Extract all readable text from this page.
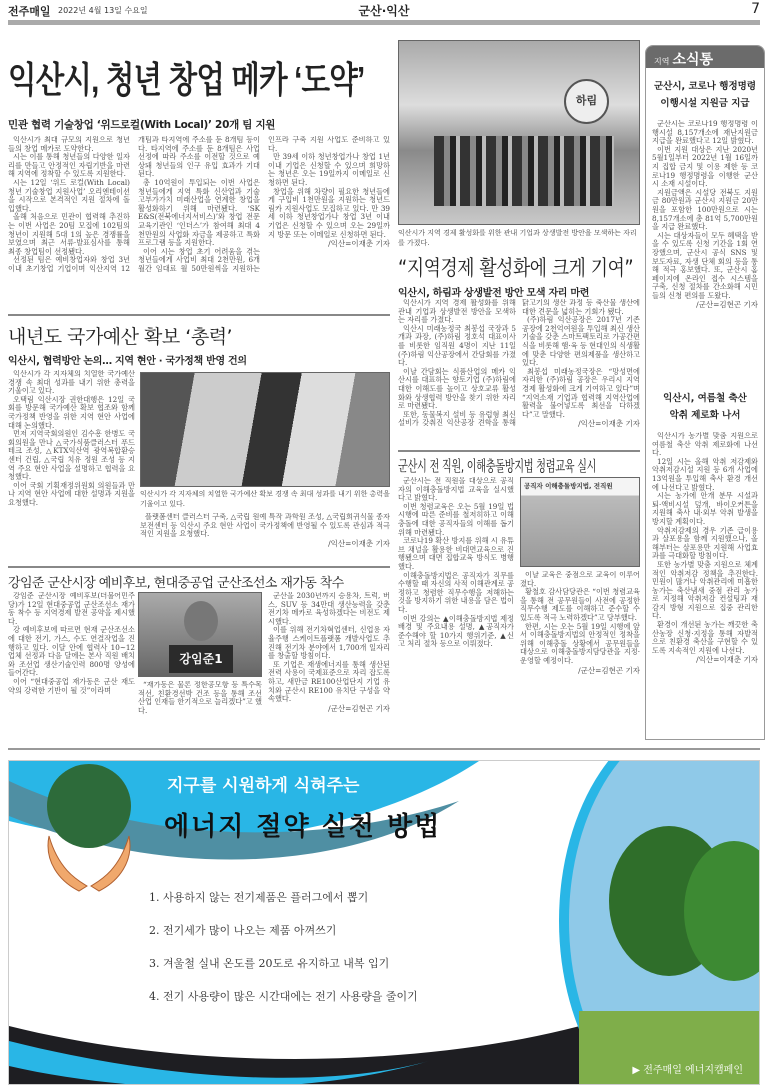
전주매일 2022년 4월 13일 수요일	군산·익산	7
익산시, 청년 창업 메카 ‘도약’
민관 협력 기술창업 ‘위드로컬(With Local)’ 20개 팀 지원

익산시가 최대 규모의 지원으로 청년들의 창업 메카로 도약한다.

시는 이를 통해 청년들의 다양한 일자리를 만들고 안정적인 자립기반을 마련해 지역에 정착할 수 있도록 지원한다.

시는 12일 ‘위드 로컬(With Local) 청년 기술창업 지원사업’ 오리엔테이션을 시작으로 본격적인 지원 절차에 돌입했다.

올해 처음으로 민관이 협력해 추진하는 이번 사업은 20팀 모집에 102팀의 청년이 지원해 5대 1의 높은 경쟁률을 보였으며 최근 서류·발표심사를 통해 최종 창업팀이 선정됐다.

선정된 팀은 예비창업자와 창업 3년 이내 초기창업 기업이며 익산지역 12개팀과 타지역에 주소를 둔 8개팀 등이다. 타지역에 주소를 둔 8개팀은 사업 선정에 따라 주소를 이전할 것으로 예상돼 청년들의 인구 유입 효과가 기대된다.

총 10억원이 투입되는 이번 사업은 청년들에게 지역 특화 신산업과 기술 고부가가치 미래산업을 연계한 창업을 활성화하기 위해 마련됐다. ‘SK E&S(전북에너지서비스)’와 창업 전문 교육기관인 ‘인더스’가 참여해 최대 4천만원의 사업화 자금을 제공하고 특화 프로그램 등을 지원한다.

이어 시는 창업 초기 어려움을 겪는 청년들에게 사업비 최대 2천만원, 6개월간 임대료 월 50만원씩을 지원하는 인프라 구축 지원 사업도 준비하고 있다.

만 39세 이하 청년창업가나 창업 1년 이내 기업은 신청할 수 있으며 희망하는 청년은 오는 19일까지 이메일로 신청하면 된다.

창업을 위해 차량이 필요한 청년들에게 구입비 1천만원을 지원하는 청년드림카 지원사업도 모집하고 있다. 만 39세 이하 청년창업가나 창업 3년 이내 기업은 신청할 수 있으며 오는 29일까지 방문 또는 이메일로 신청하면 된다.

/익산=이재춘 기자
하림
익산시가 지역 경제 활성화를 위한 관내 기업과 상생발전 방안을 모색하는 자리를 가졌다.
“지역경제 활성화에 크게 기여”
익산시, 하림과 상생발전 방안 모색 자리 마련

익산시가 지역 경제 활성화를 위해 관내 기업과 상생발전 방안을 모색하는 자리를 가졌다.

익산시 미래농정국 최봉섭 국장과 5개과 과장, (주)하림 정호석 대표이사를 비롯한 임직원 4명이 지난 11일 (주)하림 익산공장에서 간담회를 가졌다.

이날 간담회는 식품산업의 메카 익산시를 대표하는 향토기업 (주)하림에 대한 이해도를 높이고 상호교류 활성화와 상생협력 방안을 찾기 위한 자리로 마련됐다.

또한, 동물복지 설비 등 유럽형 최신 설비가 갖춰진 익산공장 견학을 통해 닭고기의 생산 과정 등 축산물 생산에 대한 견문을 넓히는 기회가 됐다.

(주)하림 익산공장은 2017년 기존공장에 2천억여원을 투입해 최신 생산 기술을 갖춘 스마트팩토리로 가공간편식을 비롯해 햄·육 등 현대인의 식생활에 맞춘 다양한 편의제품을 생산하고 있다.

최봉섭 미래농정국장은 “망성면에 자리한 (주)하림 공장은 우리시 지역경제 활성화에 크게 기여하고 있다”며 “지역소재 기업과 협력해 지역산업에 활력을 불어넣도록 최선을 다하겠다”고 말했다.

/익산=이재춘 기자
군산시 전 직원, 이해충돌방지법 청렴교육 실시

군산시는 전 직원을 대상으로 공직자의 이해충돌방지법 교육을 실시했다고 밝혔다.

이번 청렴교육은 오는 5월 19일 법 시행에 따른 준비를 철저히하고 이해충돌에 대한 공직자들의 이해를 돕기 위해 마련됐다.

코로나19 확산 방지를 위해 시 유튜브 채널을 활용한 비대면교육으로 진행됐으며 대면 집합교육 방식도 병행했다.

이해충돌방지법은 공직자가 직무를 수행할 때 자신의 사적 이해관계로 공정하고 청렴한 직무수행을 저해하는 것을 방지하기 위한 내용을 담은 법이다.

이번 강의는 ▲이해충돌방지법 제정 배경 및 주요내용 설명, ▲공직자가 준수해야 할 10가지 행위기준, ▲신고 처리 절차 등으로 이뤄졌다.

공직자 이해충돌방지법, 전직원

이날 교육은 중점으로 교육이 이루어졌다.

황철호 감사담당관은 “이번 청렴교육을 통해 전 공무원들이 사전에 공정한 직무수행 제도를 이해하고 준수할 수 있도록 적극 노력하겠다”고 당부했다.

한편, 시는 오는 5월 19일 시행에 앞서 이해충돌방지법의 안정적인 정착을 위해 이해충돌 상황에서 공무원들을 대상으로 이해충돌방지담당관을 지정·운영할 예정이다.

/군산=김현곤 기자
내년도 국가예산 확보 ‘총력’
익산시, 협력방안 논의… 지역 현안 · 국가정책 반영 건의

익산시가 각 지자체의 치열한 국가예산 경쟁 속 최대 성과를 내기 위한 총력을 기울이고 있다.

오택림 익산시장 권한대행은 12일 국회를 방문해 국가예산 확보 협조와 함께 국가정책 반영을 위한 지역 현안 사업에 대해 논의했다.

먼저 지역국회의원인 김수흥 한병도 국회의원을 만나 △국가식품클러스터 푸드테크 조성, △KTX익산역 광역복합환승센터 건립, △국립 치유 정원 조성 등 지역 주요 현안 사업을 설명하고 협력을 요청했다.

이어 국회 기획재정위원회 의원들과 만나 지역 현안 사업에 대한 설명과 지원을 요청했다.

익산시가 각 지자체의 치열한 국가예산 확보 경쟁 속 최대 성과를 내기 위한 총력을 기울이고 있다.

플랫폼센터 클러스터 구축, △국립 원예 특작 과학원 조성, △국립희귀식물 종자 보전센터 등 익산시 주요 현안 사업이 국가정책에 반영될 수 있도록 관심과 적극적인 지원을 요청했다.

/익산=이재춘 기자
강임준 군산시장 예비후보, 현대중공업 군산조선소 재가동 착수

강임준 군산시장 예비후보(더불어민주당)가 12일 현대중공업 군산조선소 재가동 착수 등 지역경제 발전 공약을 제시했다.

강 예비후보에 따르면 현재 군산조선소에 대한 전기, 가스, 수도 연결작업을 진행하고 있다. 이달 안에 협력사 10~12업체 선정과 다음 달에는 본사 직원 배치와 조선업 생산기술인력 800명 양성에 들어간다.

이어 “현대중공업 재가동은 군산 재도약의 강력한 기반이 될 것”이라며

강임준1

“재가동은 물론 정한공모항 등 특수목적선, 친환경선박 건조 등을 통해 조선산업 인재들 한기적으로 늘리겠다”고 했다.

군산을 2030년까지 승용차, 트럭, 버스, SUV 등 34만대 생산능력을 갖춘 전기차 메카로 육성하겠다는 비전도 제시했다.

이를 위해 전기차혁업센터, 신업용 자율주행 스케이트플랫폼 개발사업도 추진해 전기차 분야에서 1,700개 일자리를 창출할 방침이다.

또 기업은 재생에너지를 통해 생산된 전력 사용이 국제표준으로 자리 잡도록 하고, 새만금 RE100산업단지 기업 유치와 군산시 RE100 유치단 구성을 약속했다.

/군산=김현곤 기자
지역 소식통
군산시, 코로나 행정명령 이행시설 지원금 지급

군산시는 코로나19 행정명령 이행시설 8,157개소에 재난지원금 지급을 완료했다고 12일 밝혔다.

이번 지원 대상은 지난 2020년 5월1일부터 2022년 1월 16일까지 집합 금지 및 이용 제한 등 코로나19 행정명령을 이행한 군산시 소재 시설이다.

지원금액은 시설당 전북도 지원금 80만원과 군산시 지원금 20만원을 포함한 100만원으로 시는 8,157개소에 총 81억 5,700만원을 지급 완료했다.

시는 대상자들이 모두 혜택을 받을 수 있도록 신청 기간을 1회 연장했으며, 군산시 공식 SNS 및 보도자료, 자생 단체 회의 등을 통해 적극 홍보했다. 또, 군산시 홈페이지에 온라인 접수 시스템을 구축, 신청 절차를 간소화해 시민들의 신청 편의를 도왔다.

/군산=김현곤 기자
익산시, 여름철 축산 악취 제로화 나서

익산시가 농가별 맞춤 지원으로 여름철 축산 악취 제로화에 나선다.

12일 시는 올해 악취 저감제와 악취저감시설 지원 등 6개 사업에 13억원을 투입해 축사 환경 개선에 나선다고 밝혔다.

시는 농가에 안개 분무 시설과 퇴·액비시설 덮개, 바이오커튼을 지원해 축사 내·외부 악취 발생을 방지할 계획이다.

악취저감제의 경우 기존 급이용과 살포용을 함께 지원했으나, 올해부터는 살포용만 지원해 사업효과를 극대화할 방침이다.

또한 농가별 맞춤 지원으로 체계적인 악취저감 정책을 추진한다. 민원이 많거나 악취관리에 미흡한 농가는 축산냄새 중점 관리 농가로 지정해 악취저감 컨설팅과 재감지 방형 지원으로 집중 관리한다.

환경이 개선된 농가는 깨끗한 축산농장 신청·지정을 통해 자발적으로 친환경 축산을 구현할 수 있도록 지속적인 지원에 나선다.

/익산=이재춘 기자
지구를 시원하게 식혀주는
에너지 절약 실천 방법
1. 사용하지 않는 전기제품은 플러그에서 뽑기
2. 전기세가 많이 나오는 제품 아껴쓰기
3. 겨울철 실내 온도를 20도로 유지하고 내복 입기
4. 전기 사용량이 많은 시간대에는 전기 사용량을 줄이기
▶ 전주매일 에너지캠페인
